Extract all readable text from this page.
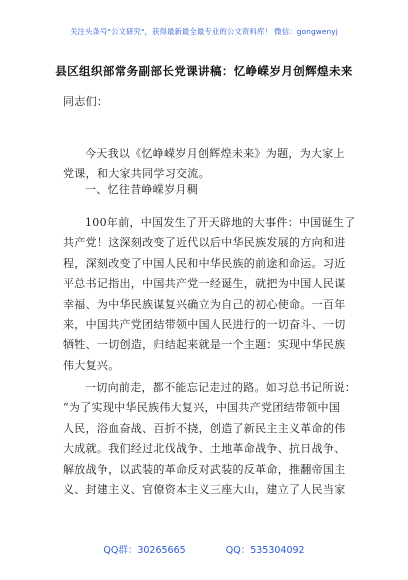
关注头条号"公文研究"，获得最新最全最专业的公文资料库！ 微信：gongwenyj
县区组织部常务副部长党课讲稿：忆峥嵘岁月创辉煌未来
同志们：
今天我以《忆峥嵘岁月创辉煌未来》为题，为大家上
党课，和大家共同学习交流。
一、忆往昔峥嵘岁月稠
100年前，中国发生了开天辟地的大事件：中国诞生了
共产党！这深刻改变了近代以后中华民族发展的方向和进
程，深刻改变了中国人民和中华民族的前途和命运。习近
平总书记指出，中国共产党一经诞生，就把为中国人民谋
幸福、为中华民族谋复兴确立为自己的初心使命。一百年
来，中国共产党团结带领中国人民进行的一切奋斗、一切
牺牲、一切创造，归结起来就是一个主题：实现中华民族
伟大复兴。
一切向前走，都不能忘记走过的路。如习总书记所说：
“为了实现中华民族伟大复兴，中国共产党团结带领中国
人民，浴血奋战、百折不挠，创造了新民主主义革命的伟
大成就。我们经过北伐战争、土地革命战争、抗日战争、
解放战争，以武装的革命反对武装的反革命，推翻帝国主
义、封建主义、官僚资本主义三座大山，建立了人民当家
QQ群：30265665	QQ：535304092
